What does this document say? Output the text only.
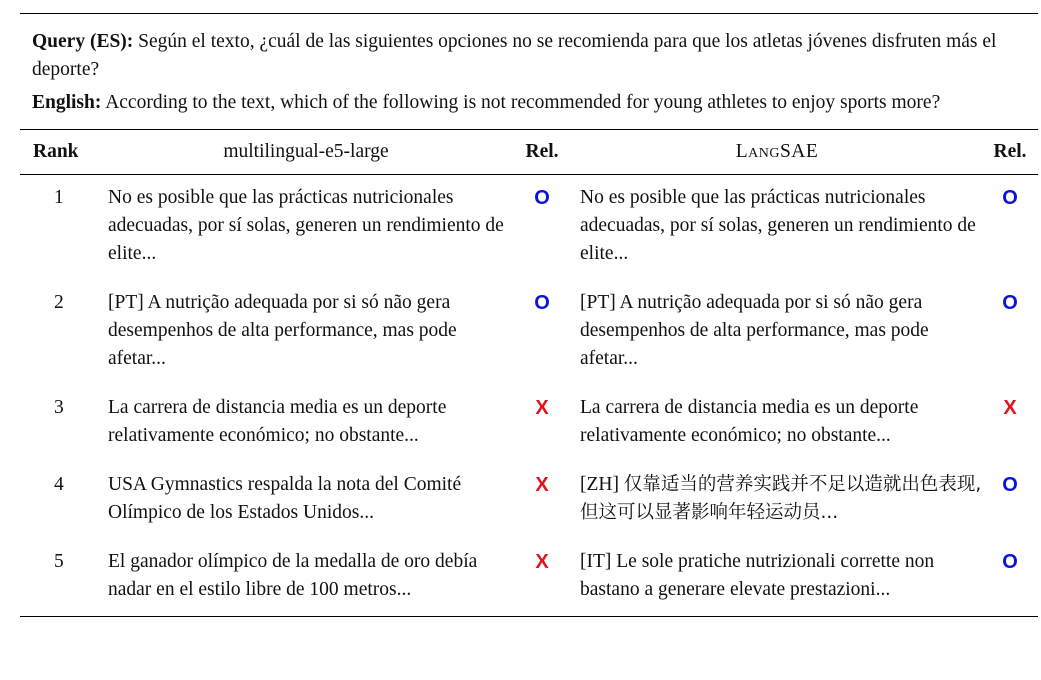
Query (ES): Según el texto, ¿cuál de las siguientes opciones no se recomienda para que los atletas jóvenes disfruten más el deporte?

English: According to the text, which of the following is not recommended for young athletes to enjoy sports more?

Rank	multilingual-e5-large	Rel.	LangSAE	Rel.
1	No es posible que las prácticas nutricionales adecuadas, por sí solas, generen un rendimiento de elite...	O	No es posible que las prácticas nutricionales adecuadas, por sí solas, generen un rendimiento de elite...	O
2	[PT] A nutrição adequada por si só não gera desempenhos de alta performance, mas pode afetar...	O	[PT] A nutrição adequada por si só não gera desempenhos de alta performance, mas pode afetar...	O
3	La carrera de distancia media es un deporte relativamente económico; no obstante...	X	La carrera de distancia media es un deporte relativamente económico; no obstante...	X
4	USA Gymnastics respalda la nota del Comité Olímpico de los Estados Unidos...	X	[ZH] 仅靠适当的营养实践并不足以造就出色表现,但这可以显著影响年轻运动员...	O
5	El ganador olímpico de la medalla de oro debía nadar en el estilo libre de 100 metros...	X	[IT] Le sole pratiche nutrizionali corrette non bastano a generare elevate prestazioni...	O
